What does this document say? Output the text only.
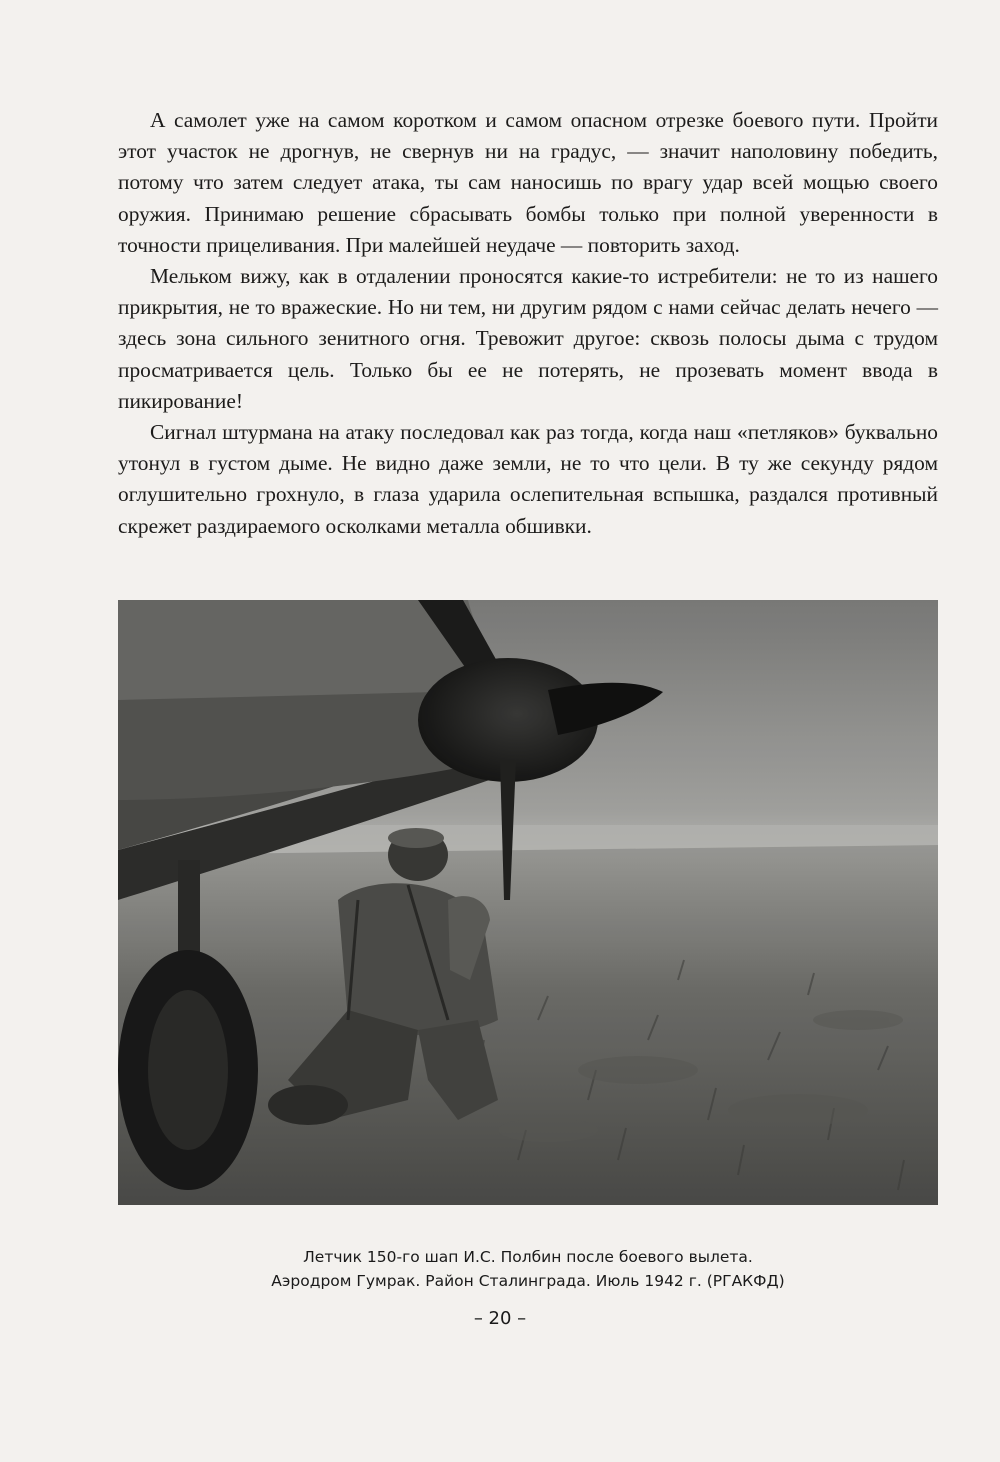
А самолет уже на самом коротком и самом опасном отрезке боевого пути. Пройти этот участок не дрогнув, не свернув ни на градус, — значит наполовину победить, потому что затем следует атака, ты сам наносишь по врагу удар всей мощью своего оружия. Принимаю решение сбрасывать бомбы только при полной уверенности в точности прицеливания. При малейшей неудаче — повторить заход.

Мельком вижу, как в отдалении проносятся какие-то истребители: не то из нашего прикрытия, не то вражеские. Но ни тем, ни другим рядом с нами сейчас делать нечего — здесь зона сильного зенитного огня. Тревожит другое: сквозь полосы дыма с трудом просматривается цель. Только бы ее не потерять, не прозевать момент ввода в пикирование!

Сигнал штурмана на атаку последовал как раз тогда, когда наш «петляков» буквально утонул в густом дыме. Не видно даже земли, не то что цели. В ту же секунду рядом оглушительно грохнуло, в глаза ударила ослепительная вспышка, раздался противный скрежет раздираемого осколками металла обшивки.

Летчик 150-го шап И.С. Полбин после боевого вылета.
Аэродром Гумрак. Район Сталинграда. Июль 1942 г. (РГАКФД)
– 20 –
